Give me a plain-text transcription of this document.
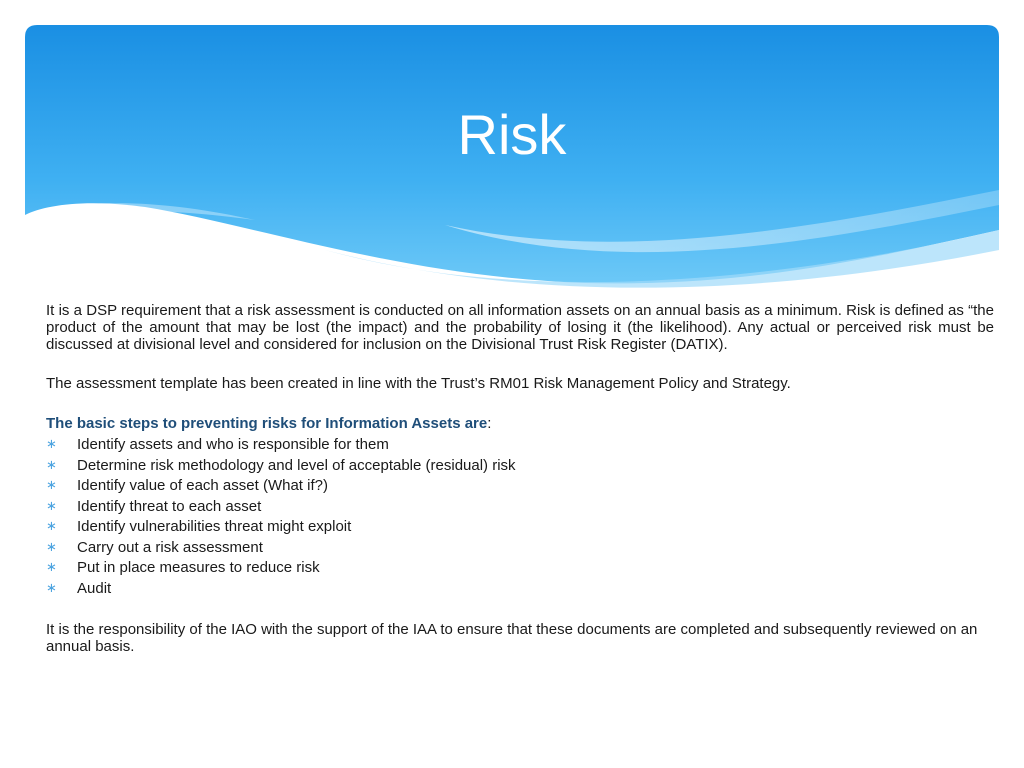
Risk

It is a DSP requirement that a risk assessment is conducted on all information assets on an annual basis as a minimum. Risk is defined as “the product of the amount that may be lost (the impact) and the probability of losing it (the likelihood). Any actual or perceived risk must be discussed at divisional level and considered for inclusion on the Divisional Trust Risk Register (DATIX).

The assessment template has been created in line with the Trust’s RM01 Risk Management Policy and Strategy.

The basic steps to preventing risks for Information Assets are:

∗ Identify assets and who is responsible for them
∗ Determine risk methodology and level of acceptable (residual) risk
∗ Identify value of each asset (What if?)
∗ Identify threat to each asset
∗ Identify vulnerabilities threat might exploit
∗ Carry out a risk assessment
∗ Put in place measures to reduce risk
∗ Audit

It is the responsibility of the IAO with the support of the IAA to ensure that these documents are completed and subsequently reviewed on an annual basis.
